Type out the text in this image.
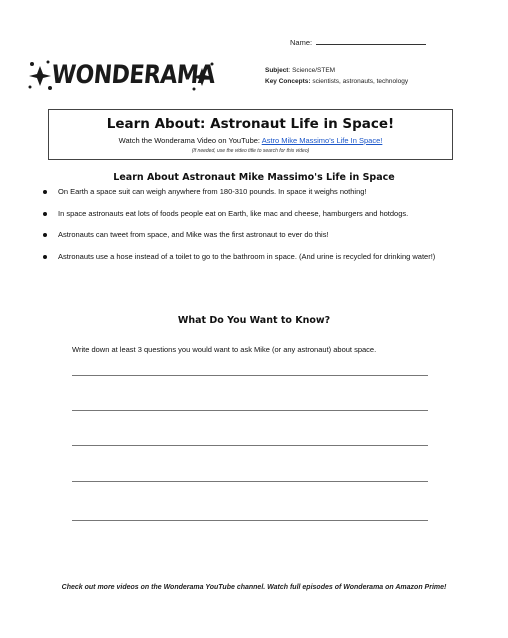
Name:
WONDERAMA	Subject: Science/STEM
Key Concepts: scientists, astronauts, technology
Learn About: Astronaut Life in Space!
Watch the Wonderama Video on YouTube: Astro Mike Massimo's Life In Space!
(If needed, use the video title to search for this video)
Learn About Astronaut Mike Massimo's Life in Space
On Earth a space suit can weigh anywhere from 180-310 pounds. In space it weighs nothing!
In space astronauts eat lots of foods people eat on Earth, like mac and cheese, hamburgers and hotdogs.
Astronauts can tweet from space, and Mike was the first astronaut to ever do this!
Astronauts use a hose instead of a toilet to go to the bathroom in space. (And urine is recycled for drinking water!)
What Do You Want to Know?
Write down at least 3 questions you would want to ask Mike (or any astronaut) about space.
Check out more videos on the Wonderama YouTube channel. Watch full episodes of Wonderama on Amazon Prime!
